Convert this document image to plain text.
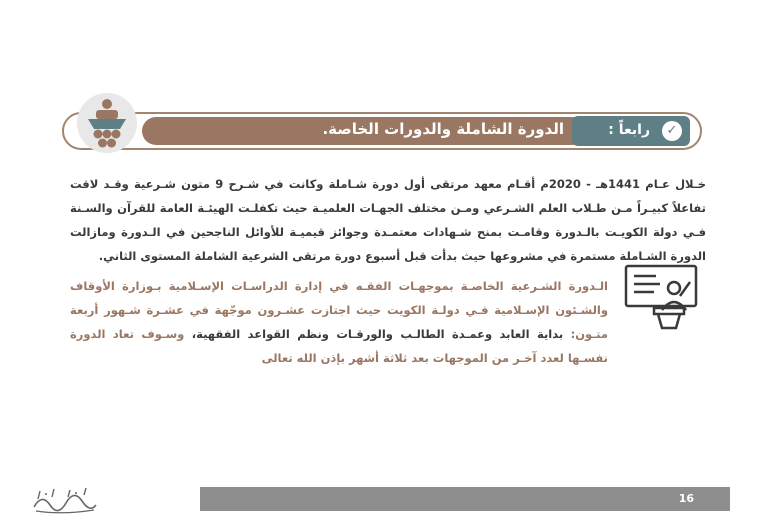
الدورة الشاملة والدورات الخاصة.	رابعاً :	✓

خـلال عـام 1441هـ - 2020م أقـام معهد مرتقى أول دورة شـاملة وكانت في شـرح 9 متون شـرعية وقـد لاقت تفاعلاً كبيـراً مـن طـلاب العلم الشـرعي ومـن مختلف الجهـات العلميـة حيث تكفلـت الهيئـة العامة للقرآن والسـنة فـي دولة الكويـت بالـدورة وقامـت بمنح شـهادات معتمـدة وجوائز قيميـة للأوائل الناجحين في الـدورة ومازالت الدورة الشـاملة مستمرة في مشروعها حيث بدأت قبل أسبوع دورة مرتقى الشرعية الشاملة المستوى الثاني.

الـدورة الشـرعية الخاصـة بموجهـات الفقـه في إدارة الدراسـات الإسـلامية بـوزارة الأوقاف والشـئون الإسـلامية فـي دولـة الكويت حيث اجتازت عشـرون موجّهة في عشـرة شـهور أربعة متـون: بداية العابد وعمـدة الطالـب والورقـات ونظم القواعد الفقهية، وسـوف تعاد الدورة نفسـها لعدد آخـر من الموجهات بعد ثلاثة أشهر بإذن الله تعالى

16
